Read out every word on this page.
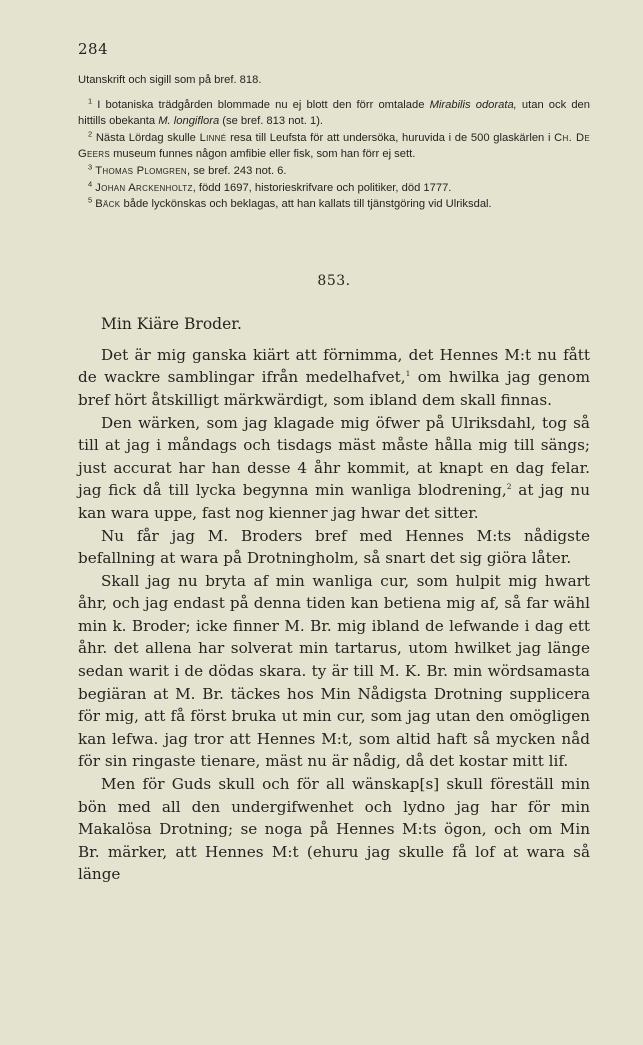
284

Utanskrift och sigill som på bref. 818.

$^1$ I botaniska trädgården blommade nu ej blott den förr omtalade Mirabilis odorata, utan ock den hittills obekanta M. longiflora (se bref. 813 not. 1).

$^2$ Nästa Lördag skulle Linné resa till Leufsta för att undersöka, huruvida i de 500 glaskärlen i Ch. De Geers museum funnes någon amfibie eller fisk, som han förr ej sett.

$^3$ Thomas Plomgren, se bref. 243 not. 6.

$^4$ Johan Arckenholtz, född 1697, historieskrifvare och politiker, död 1777.

$^5$ Bäck både lyckönskas och beklagas, att han kallats till tjänstgöring vid Ulriksdal.

853.
Min Kiäre Broder.

Det är mig ganska kiärt att förnimma, det Hennes M:t nu fått de wackre samblingar ifrån medelhafvet,$^1$ om hwilka jag genom bref hört åtskilligt märkwärdigt, som ibland dem skall finnas.

Den wärken, som jag klagade mig öfwer på Ulriksdahl, tog så till at jag i måndags och tisdags mäst måste hålla mig till sängs; just accurat har han desse 4 åhr kommit, at knapt en dag felar. jag fick då till lycka begynna min wanliga blodrening,$^2$ at jag nu kan wara uppe, fast nog kienner jag hwar det sitter.

Nu får jag M. Broders bref med Hennes M:ts nådigste befallning at wara på Drotningholm, så snart det sig giöra låter.

Skall jag nu bryta af min wanliga cur, som hulpit mig hwart åhr, och jag endast på denna tiden kan betiena mig af, så far wähl min k. Broder; icke finner M. Br. mig ibland de lefwande i dag ett åhr. det allena har solverat min tartarus, utom hwilket jag länge sedan warit i de dödas skara. ty är till M. K. Br. min wördsamasta begiäran at M. Br. täckes hos Min Nådigsta Drotning supplicera för mig, att få först bruka ut min cur, som jag utan den omögligen kan lefwa. jag tror att Hennes M:t, som altid haft så mycken nåd för sin ringaste tienare, mäst nu är nådig, då det kostar mitt lif.

Men för Guds skull och för all wänskap[s] skull föreställ min bön med all den undergifwenhet och lydno jag har för min Makalösa Drotning; se noga på Hennes M:ts ögon, och om Min Br. märker, att Hennes M:t (ehuru jag skulle få lof at wara så länge
